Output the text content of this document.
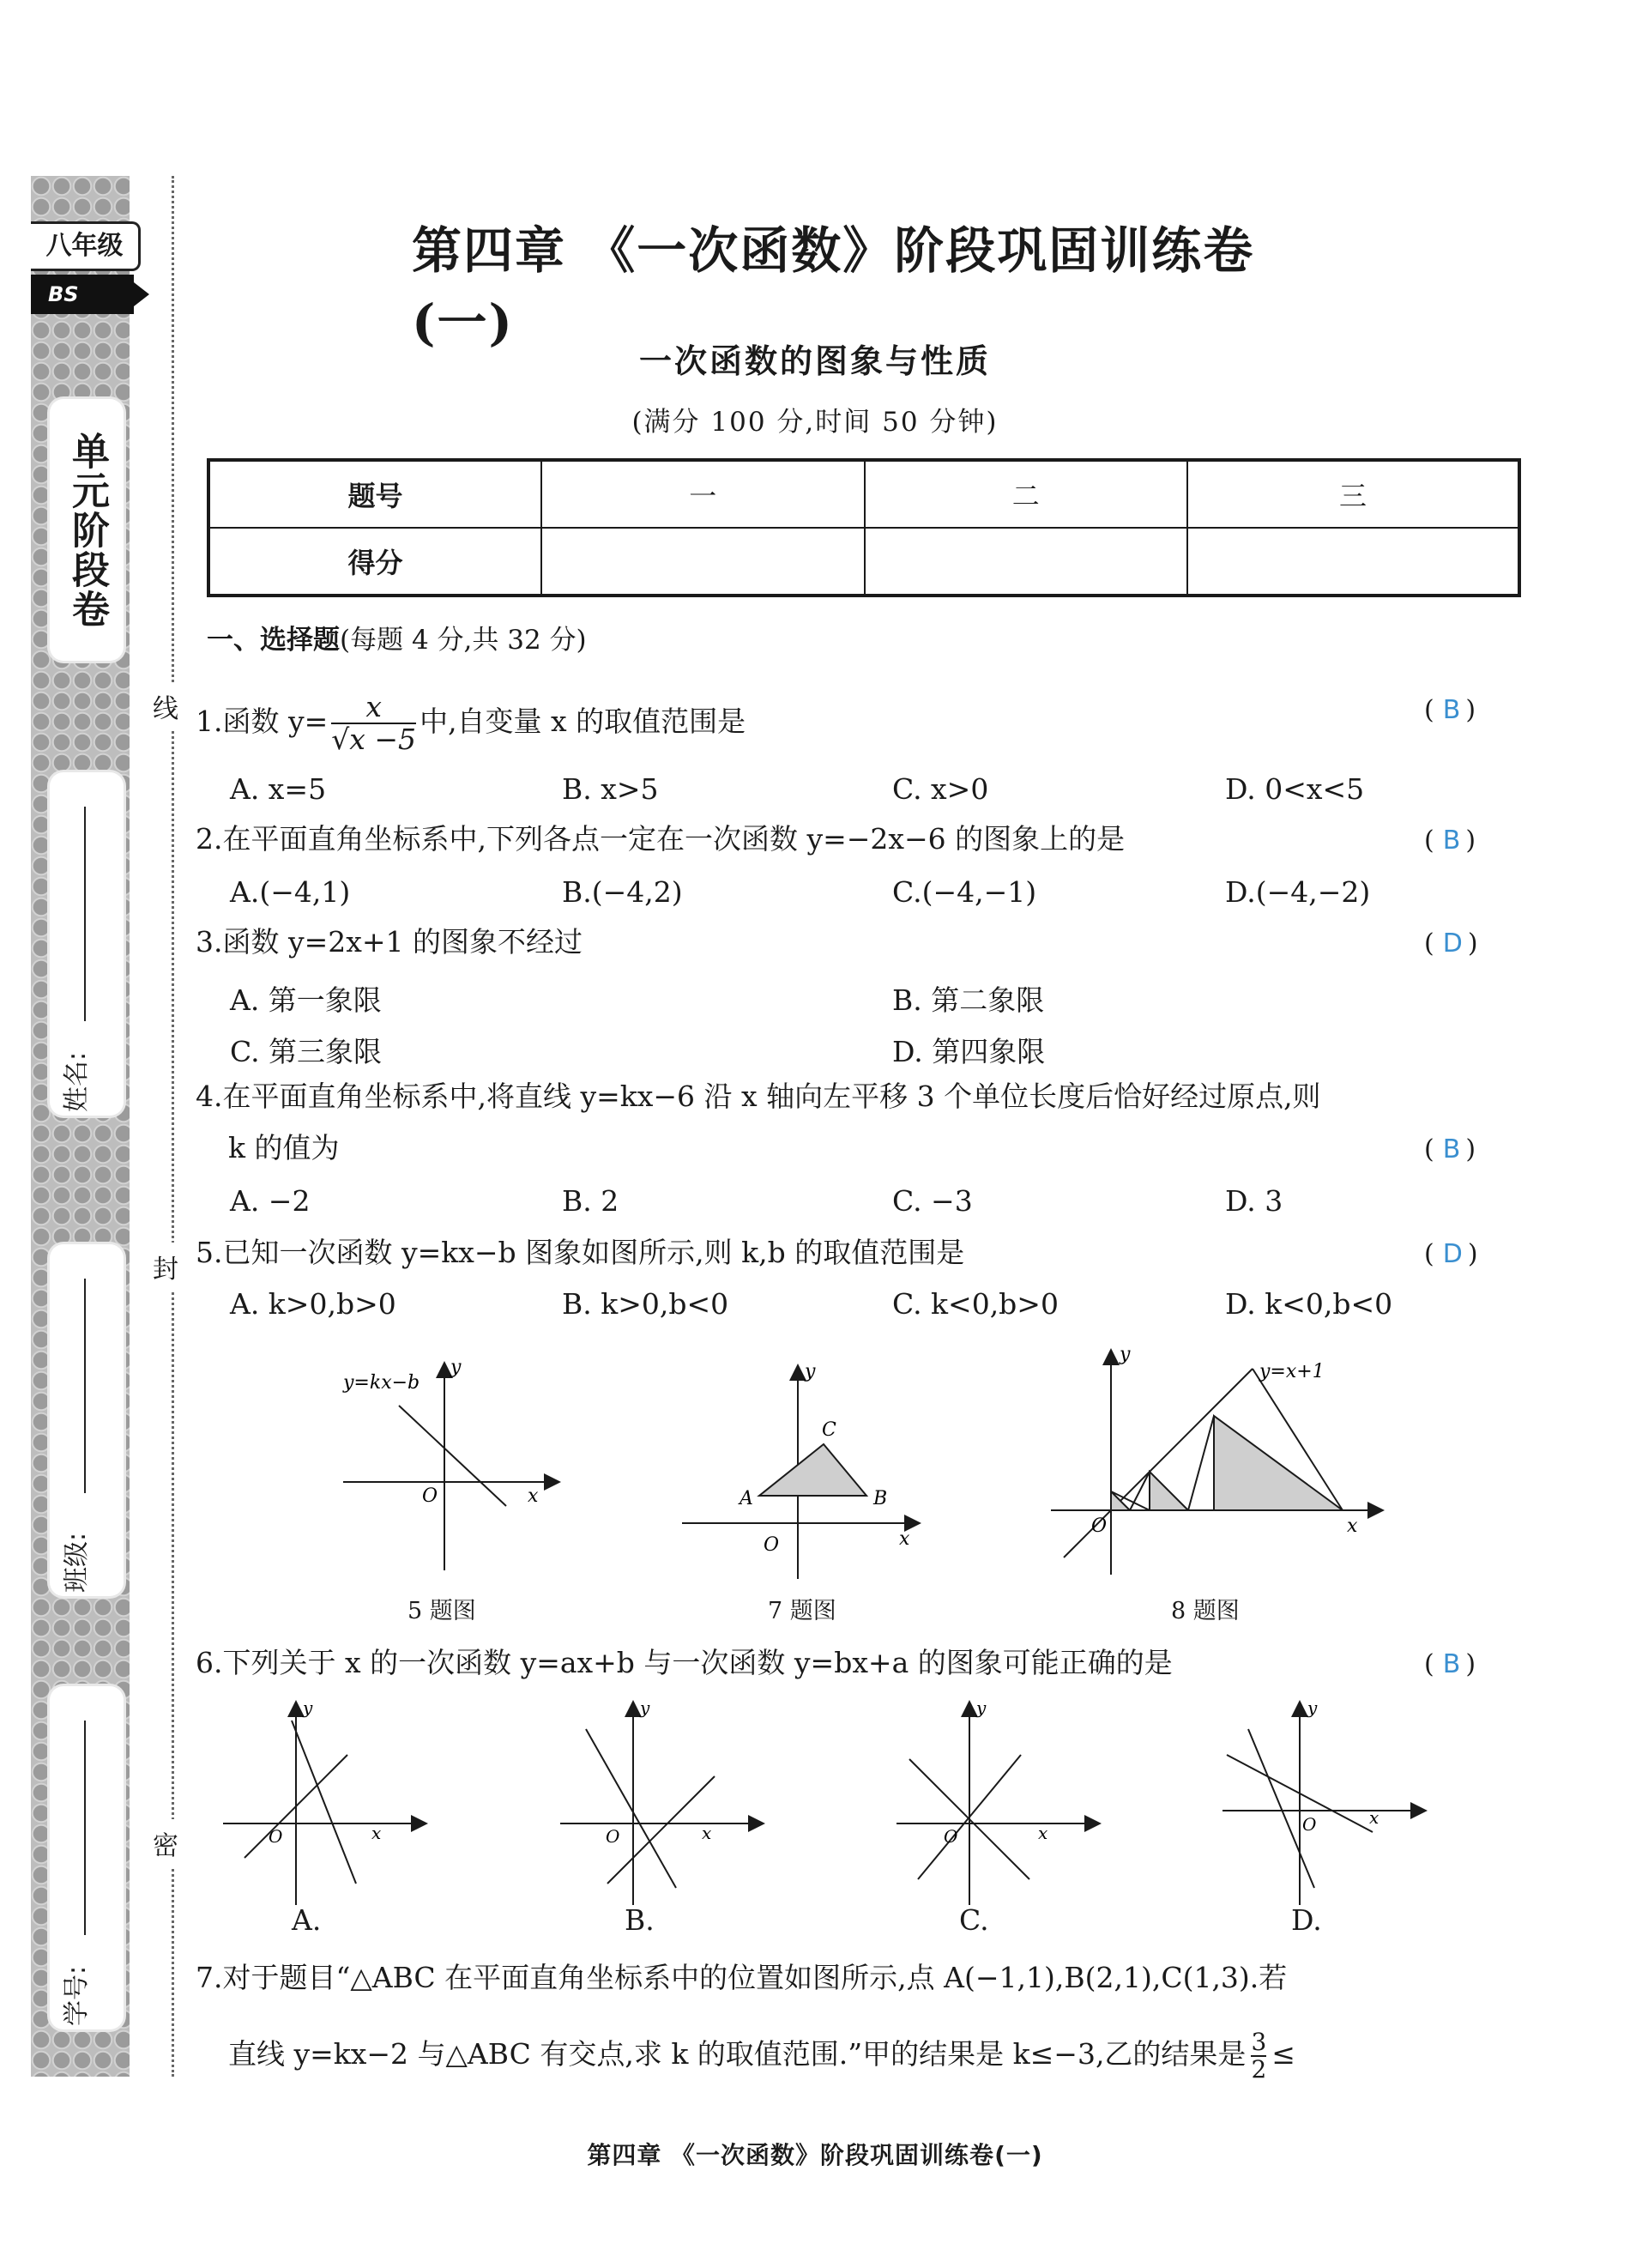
八年级
BS
单元阶段卷
姓名:
班级:
学号:
线
封
密
第四章 《一次函数》阶段巩固训练卷(一)
一次函数的图象与性质
(满分 100 分,时间 50 分钟)
题号	一	二	三
得分			
一、选择题(每题 4 分,共 32 分)
1.函数 $y= \frac{x}{√x -5}$ 中,自变量 x 的取值范围是	( B )
A. x=5	B. x>5	C. x>0	D. 0<x<5
2.在平面直角坐标系中,下列各点一定在一次函数 y=−2x−6 的图象上的是	( B )
A.(−4,1)	B.(−4,2)	C.(−4,−1)	D.(−4,−2)
3.函数 y=2x+1 的图象不经过	( D )
A. 第一象限	B. 第二象限
C. 第三象限	D. 第四象限
4.在平面直角坐标系中,将直线 y=kx−6 沿 x 轴向左平移 3 个单位长度后恰好经过原点,则
k 的值为	( B )
A. −2	B. 2	C. −3	D. 3
5.已知一次函数 y=kx−b 图象如图所示,则 k,b 的取值范围是	( D )
A. k>0,b>0	B. k>0,b<0	C. k<0,b>0	D. k<0,b<0
y=kx−b
y
x
O
5 题图
A	B
C
y
x
O
7 题图
y=x+1
y
x
O
8 题图
6.下列关于 x 的一次函数 y=ax+b 与一次函数 y=bx+a 的图象可能正确的是	( B )
y
x
O
y
x
O
y
x
O
y
x
O
A.	B.	C.	D.
7.对于题目“△ABC 在平面直角坐标系中的位置如图所示,点 A(−1,1),B(2,1),C(1,3).若
直线 y=kx−2 与△ABC 有交点,求 k 的取值范围.”甲的结果是 k≤−3,乙的结果是 $\frac{3}{2}$ ≤
第四章 《一次函数》阶段巩固训练卷(一)
